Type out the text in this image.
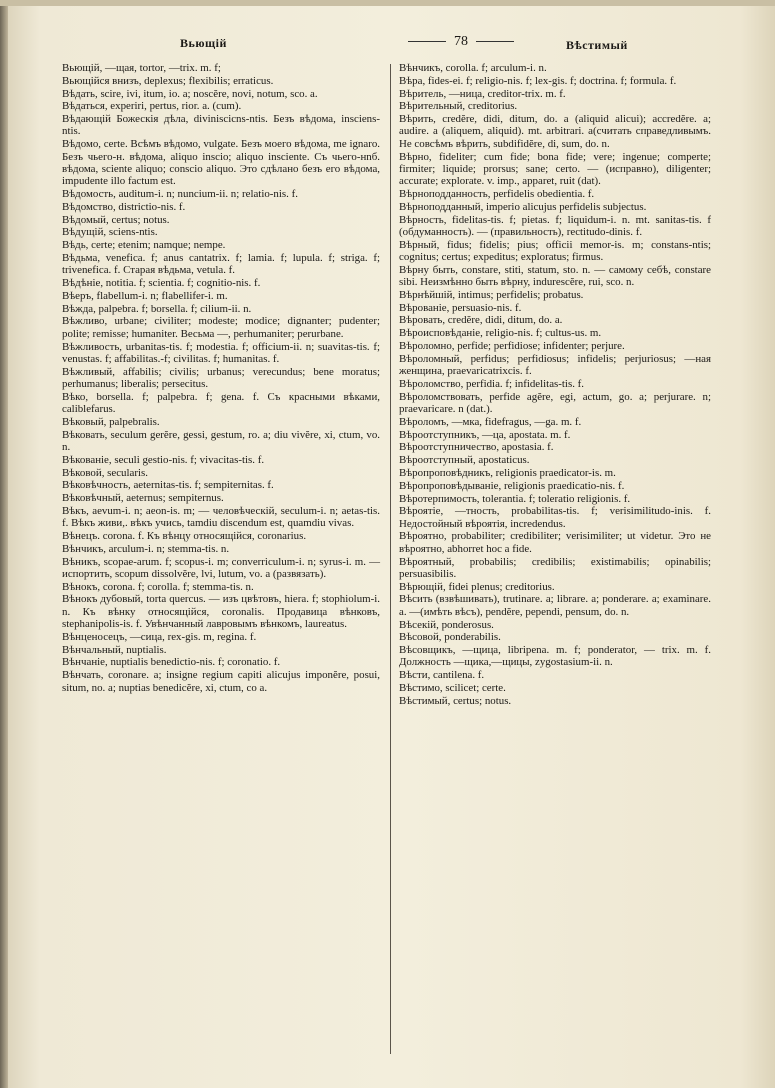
Вьющій	78	Вѣстимый

Вьющій, —щая, tortor, —trix. m. f;

Вьющійся внизъ, deplexus; flexibilis; erraticus.

Вѣдать, scire, ivi, itum, io. a; noscĕre, novi, notum, sco. a.

Вѣдаться, experiri, pertus, rior. a. (cum).

Вѣдающій Божескія дѣла, diviniscicns-ntis. Безъ вѣдома, insciens-ntis.

Вѣдомо, certe. Всѣмъ вѣдомо, vulgate. Безъ моего вѣдома, me ignaro. Безъ чьего-н. вѣдома, aliquo inscio; aliquo insciente. Съ чьего-нnб. вѣдома, sciente aliquo; conscio aliquo. Это сдѣлано безъ его вѣдома, impudente illo factum est.

Вѣдомость, auditum-i. n; nuncium-ii. n; relatio-nis. f.

Вѣдомство, districtio-nis. f.

Вѣдомый, certus; notus.

Вѣдущій, sciens-ntis.

Вѣдь, certe; etenim; namque; nempe.

Вѣдьма, venefica. f; anus cantatrix. f; lamia. f; lupula. f; striga. f; trivenefica. f. Старая вѣдьма, vetula. f.

Вѣдѣніе, notitia. f; scientia. f; cognitio-nis. f.

Вѣеръ, flabellum-i. n; flabellifer-i. m.

Вѣжда, palpebra. f; borsella. f; cilium-ii. n.

Вѣжливо, urbane; civiliter; modeste; modice; dignanter; pudenter; polite; remisse; humaniter. Весьма —, perhumaniter; perurbane.

Вѣжливость, urbanitas-tis. f; modestia. f; officium-ii. n; suavitas-tis. f; venustas. f; affabilitas.-f; civilitas. f; humanitas. f.

Вѣжливый, affabilis; civilis; urbanus; verecundus; bene moratus; perhumanus; liberalis; persecitus.

Вѣко, borsella. f; palpebra. f; gena. f. Съ красными вѣками, caliblefarus.

Вѣковый, palpebralis.

Вѣковать, seculum gerĕre, gessi, gestum, ro. a; diu vivĕre, xi, ctum, vo. n.

Вѣкованіе, seculi gestio-nis. f; vivacitas-tis. f.

Вѣковой, secularis.

Вѣковѣчность, aeternitas-tis. f; sempiternitas. f.

Вѣковѣчный, aeternus; sempiternus.

Вѣкъ, aevum-i. n; aeon-is. m; — человѣческій, seculum-i. n; aetas-tis. f. Вѣкъ живи,. вѣкъ учись, tamdiu discendum est, quamdiu vivas.

Вѣнецъ. corona. f. Къ вѣнцу относящійся, coronarius.

Вѣнчикъ, arculum-i. n; stemma-tis. n.

Вѣникъ, scopae-arum. f; scopus-i. m; converriculum-i. n; syrus-i. m. —испортить, scopum dissolvĕre, lvi, lutum, vo. a (развязать).

Вѣнокъ, corona. f; corolla. f; stemma-tis. n.

Вѣнокъ дубовый, torta quercus. — изъ цвѣтовъ, hiera. f; stophiolum-i. n. Къ вѣнку относящійся, coronalis. Продавица вѣнковъ, stephanipolis-is. f. Увѣнчанный лавровымъ вѣнкомъ, laureatus.

Вѣнценосецъ, —сица, rex-gis. m, regina. f.

Вѣнчальный, nuptialis.

Вѣнчаніе, nuptialis benedictio-nis. f; coronatio. f.

Вѣнчать, coronare. a; insigne regium capiti alicujus imponĕre, posui, situm, no. a; nuptias benedicĕre, xi, ctum, co a.

Вѣнчикъ, corolla. f; arculum-i. n.

Вѣра, fides-ei. f; religio-nis. f; lex-gis. f; doctrina. f; formula. f.

Вѣритель, —ница, creditor-trix. m. f.

Вѣрительный, creditorius.

Вѣрить, credĕre, didi, ditum, do. a (aliquid alicui); accredĕre. a; audire. a (aliquem, aliquid). mt. arbitrari. a(считать справедливымъ. Не совсѣмъ вѣрить, subdifidĕre, di, sum, do. n.

Вѣрно, fideliter; cum fide; bona fide; vere; ingenue; comperte; firmiter; liquide; prorsus; sane; certo. — (исправно), diligenter; accurate; explorate. v. imp., apparet, ruit (dat).

Вѣрноподданность, perfidelis obedientia. f.

Вѣрноподданный, imperio alicujus perfidelis subjectus.

Вѣрность, fidelitas-tis. f; pietas. f; liquidum-i. n. mt. sanitas-tis. f (обдуманность). — (правильность), rectitudo-dinis. f.

Вѣрный, fidus; fidelis; pius; officii memor-is. m; constans-ntis; cognitus; certus; expeditus; exploratus; firmus.

Вѣрну быть, constare, stiti, statum, sto. n. — самому себѣ, constare sibi. Неизмѣнно быть вѣрну, indurescĕre, rui, sco. n.

Вѣрнѣйшій, intimus; perfidelis; probatus.

Вѣрованіе, persuasio-nis. f.

Вѣровать, credĕre, didi, ditum, do. a.

Вѣроисповѣданіе, religio-nis. f; cultus-us. m.

Вѣроломно, perfide; perfidiose; infidenter; perjure.

Вѣроломный, perfidus; perfidiosus; infidelis; perjuriosus; —ная женщина, praevaricatrixcis. f.

Вѣроломство, perfidia. f; infidelitas-tis. f.

Вѣроломствовать, perfide agĕre, egi, actum, go. a; perjurare. n; praevaricare. n (dat.).

Вѣроломъ, —мка, fidefragus, —ga. m. f.

Вѣроотступникъ, —ца, apostata. m. f.

Вѣроотступничество, apostasia. f.

Вѣроотступный, apostaticus.

Вѣропроповѣдникъ, religionis praedicator-is. m.

Вѣропроповѣдываніе, religionis praedicatio-nis. f.

Вѣротерпимость, tolerantia. f; toleratio religionis. f.

Вѣроятіе, —тность, probabilitas-tis. f; verisimilitudo-inis. f. Недостойный вѣроятія, incredendus.

Вѣроятно, probabiliter; credibiliter; verisimiliter; ut videtur. Это не вѣроятно, abhorret hoc a fide.

Вѣроятный, probabilis; credibilis; existimabilis; opinabilis; persuasibilis.

Вѣрющій, fidei plenus; creditorius.

Вѣсить (взвѣшивать), trutinare. a; librare. a; ponderare. a; examinare. a. —(имѣть вѣсъ), pendĕre, pependi, pensum, do. n.

Вѣсекій, ponderosus.

Вѣсовой, ponderabilis.

Вѣсовщикъ, —щица, libripena. m. f; ponderator, — trix. m. f. Должность —щика,—щицы, zygostasium-ii. n.

Вѣсти, cantilena. f.

Вѣстимо, scilicet; certe.

Вѣстимый, certus; notus.
